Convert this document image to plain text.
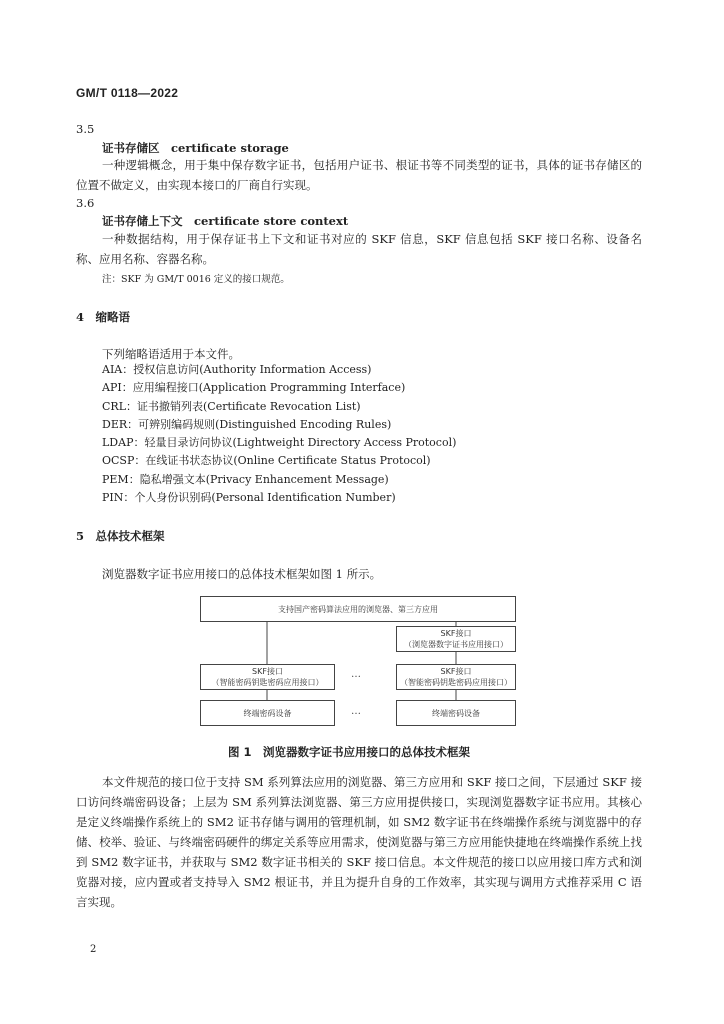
GM/T 0118—2022
3.5
证书存储区　certificate storage
一种逻辑概念，用于集中保存数字证书，包括用户证书、根证书等不同类型的证书，具体的证书存储区的位置不做定义，由实现本接口的厂商自行实现。
3.6
证书存储上下文　certificate store context
一种数据结构，用于保存证书上下文和证书对应的 SKF 信息，SKF 信息包括 SKF 接口名称、设备名称、应用名称、容器名称。
注：SKF 为 GM/T 0016 定义的接口规范。
4　缩略语
下列缩略语适用于本文件。
AIA：授权信息访问(Authority Information Access)
API：应用编程接口(Application Programming Interface)
CRL：证书撤销列表(Certificate Revocation List)
DER：可辨别编码规则(Distinguished Encoding Rules)
LDAP：轻量目录访问协议(Lightweight Directory Access Protocol)
OCSP：在线证书状态协议(Online Certificate Status Protocol)
PEM：隐私增强文本(Privacy Enhancement Message)
PIN：个人身份识别码(Personal Identification Number)
5　总体技术框架
浏览器数字证书应用接口的总体技术框架如图 1 所示。
支持国产密码算法应用的浏览器、第三方应用
SKF接口
（浏览器数字证书应用接口）
SKF接口
（智能密码钥匙密码应用接口）
…	SKF接口
（智能密码钥匙密码应用接口）
终端密码设备	…	终端密码设备
图 1　浏览器数字证书应用接口的总体技术框架
本文件规范的接口位于支持 SM 系列算法应用的浏览器、第三方应用和 SKF 接口之间，下层通过 SKF 接口访问终端密码设备；上层为 SM 系列算法浏览器、第三方应用提供接口，实现浏览器数字证书应用。其核心是定义终端操作系统上的 SM2 证书存储与调用的管理机制，如 SM2 数字证书在终端操作系统与浏览器中的存储、校举、验证、与终端密码硬件的绑定关系等应用需求，使浏览器与第三方应用能快捷地在终端操作系统上找到 SM2 数字证书，并获取与 SM2 数字证书相关的 SKF 接口信息。本文件规范的接口以应用接口库方式和浏览器对接，应内置或者支持导入 SM2 根证书，并且为提升自身的工作效率，其实现与调用方式推荐采用 C 语言实现。
2
